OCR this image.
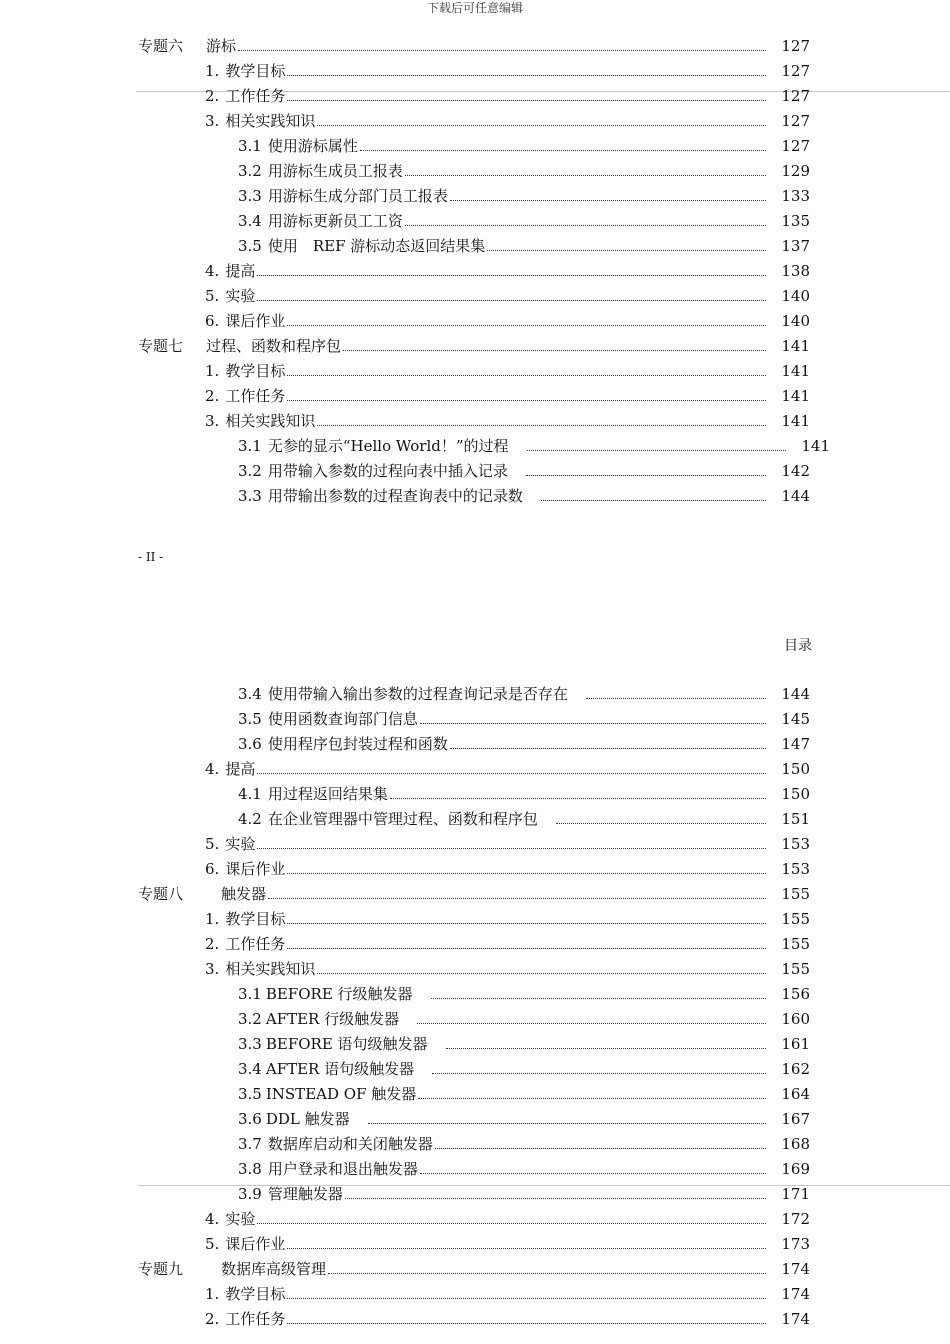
下载后可任意编辑
专题六	游标	127
1. 教学目标	127
2. 工作任务	127
3. 相关实践知识	127
3.1 使用游标属性	127
3.2 用游标生成员工报表	129
3.3 用游标生成分部门员工报表	133
3.4 用游标更新员工工资	135
3.5 使用　REF 游标动态返回结果集	137
4. 提高	138
5. 实验	140
6. 课后作业	140
专题七	过程、函数和程序包	141
1. 教学目标	141
2. 工作任务	141
3. 相关实践知识	141
3.1 无参的显示“Hello World！”的过程	141
3.2 用带输入参数的过程向表中插入记录	142
3.3 用带输出参数的过程查询表中的记录数	144
- II -
目录
3.4 使用带输入输出参数的过程查询记录是否存在	144
3.5 使用函数查询部门信息	145
3.6 使用程序包封装过程和函数	147
4. 提高	150
4.1 用过程返回结果集	150
4.2 在企业管理器中管理过程、函数和程序包	151
5. 实验	153
6. 课后作业	153
专题八	触发器	155
1. 教学目标	155
2. 工作任务	155
3. 相关实践知识	155
3.1 BEFORE 行级触发器	156
3.2 AFTER 行级触发器	160
3.3 BEFORE 语句级触发器	161
3.4 AFTER 语句级触发器	162
3.5 INSTEAD OF 触发器	164
3.6 DDL 触发器	167
3.7 数据库启动和关闭触发器	168
3.8 用户登录和退出触发器	169
3.9 管理触发器	171
4. 实验	172
5. 课后作业	173
专题九	数据库高级管理	174
1. 教学目标	174
2. 工作任务	174
